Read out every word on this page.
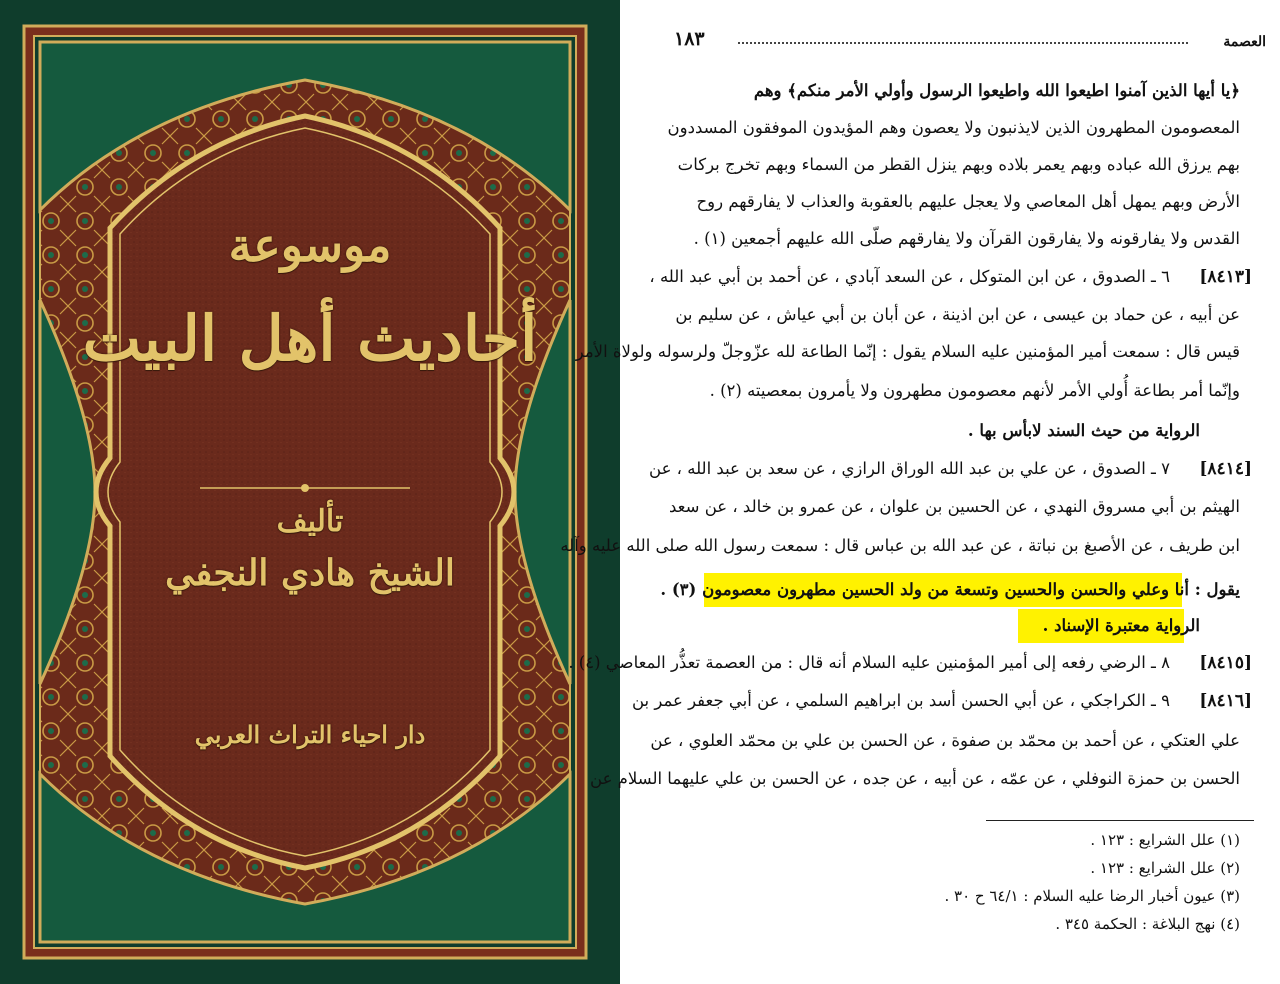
موسوعة
أحاديث أهل البيت
تأليف
الشيخ هادي النجفي
دار احياء التراث العربي
العصمة
١٨٣
﴿يا أيها الذين آمنوا اطيعوا الله واطيعوا الرسول وأولي الأمر منكم﴾ وهم
المعصومون المطهرون الذين لايذنبون ولا يعصون وهم المؤيدون الموفقون المسددون
بهم يرزق الله عباده وبهم يعمر بلاده وبهم ينزل القطر من السماء وبهم تخرج بركات
الأرض وبهم يمهل أهل المعاصي ولا يعجل عليهم بالعقوبة والعذاب لا يفارقهم روح
القدس ولا يفارقونه ولا يفارقون القرآن ولا يفارقهم صلّى الله عليهم أجمعين (١) .
[٨٤١٣]
٦ ـ الصدوق ، عن ابن المتوكل ، عن السعد آبادي ، عن أحمد بن أبي عبد الله ،
عن أبيه ، عن حماد بن عيسى ، عن ابن اذينة ، عن أبان بن أبي عياش ، عن سليم بن
قيس قال : سمعت أمير المؤمنين عليه السلام يقول : إنّما الطاعة لله عزّوجلّ ولرسوله ولولاة الأمر
وإنّما أمر بطاعة أُولي الأمر لأنهم معصومون مطهرون ولا يأمرون بمعصيته (٢) .
الرواية من حيث السند لابأس بها .
[٨٤١٤]
٧ ـ الصدوق ، عن علي بن عبد الله الوراق الرازي ، عن سعد بن عبد الله ، عن
الهيثم بن أبي مسروق النهدي ، عن الحسين بن علوان ، عن عمرو بن خالد ، عن سعد
ابن طريف ، عن الأصبغ بن نباتة ، عن عبد الله بن عباس قال : سمعت رسول الله صلى الله عليه وآله
يقول : أنا وعلي والحسن والحسين وتسعة من ولد الحسين مطهرون معصومون (٣) .
الرواية معتبرة الإسناد .
[٨٤١٥]
٨ ـ الرضي رفعه إلى أمير المؤمنين عليه السلام أنه قال : من العصمة تعذُّر المعاصي (٤) .
[٨٤١٦]
٩ ـ الكراجكي ، عن أبي الحسن أسد بن ابراهيم السلمي ، عن أبي جعفر عمر بن
علي العتكي ، عن أحمد بن محمّد بن صفوة ، عن الحسن بن علي بن محمّد العلوي ، عن
الحسن بن حمزة النوفلي ، عن عمّه ، عن أبيه ، عن جده ، عن الحسن بن علي عليهما السلام عن
(١) علل الشرايع : ١٢٣ .
(٢) علل الشرايع : ١٢٣ .
(٣) عيون أخبار الرضا عليه السلام : ٦٤/١ ح ٣٠ .
(٤) نهج البلاغة : الحكمة ٣٤٥ .
